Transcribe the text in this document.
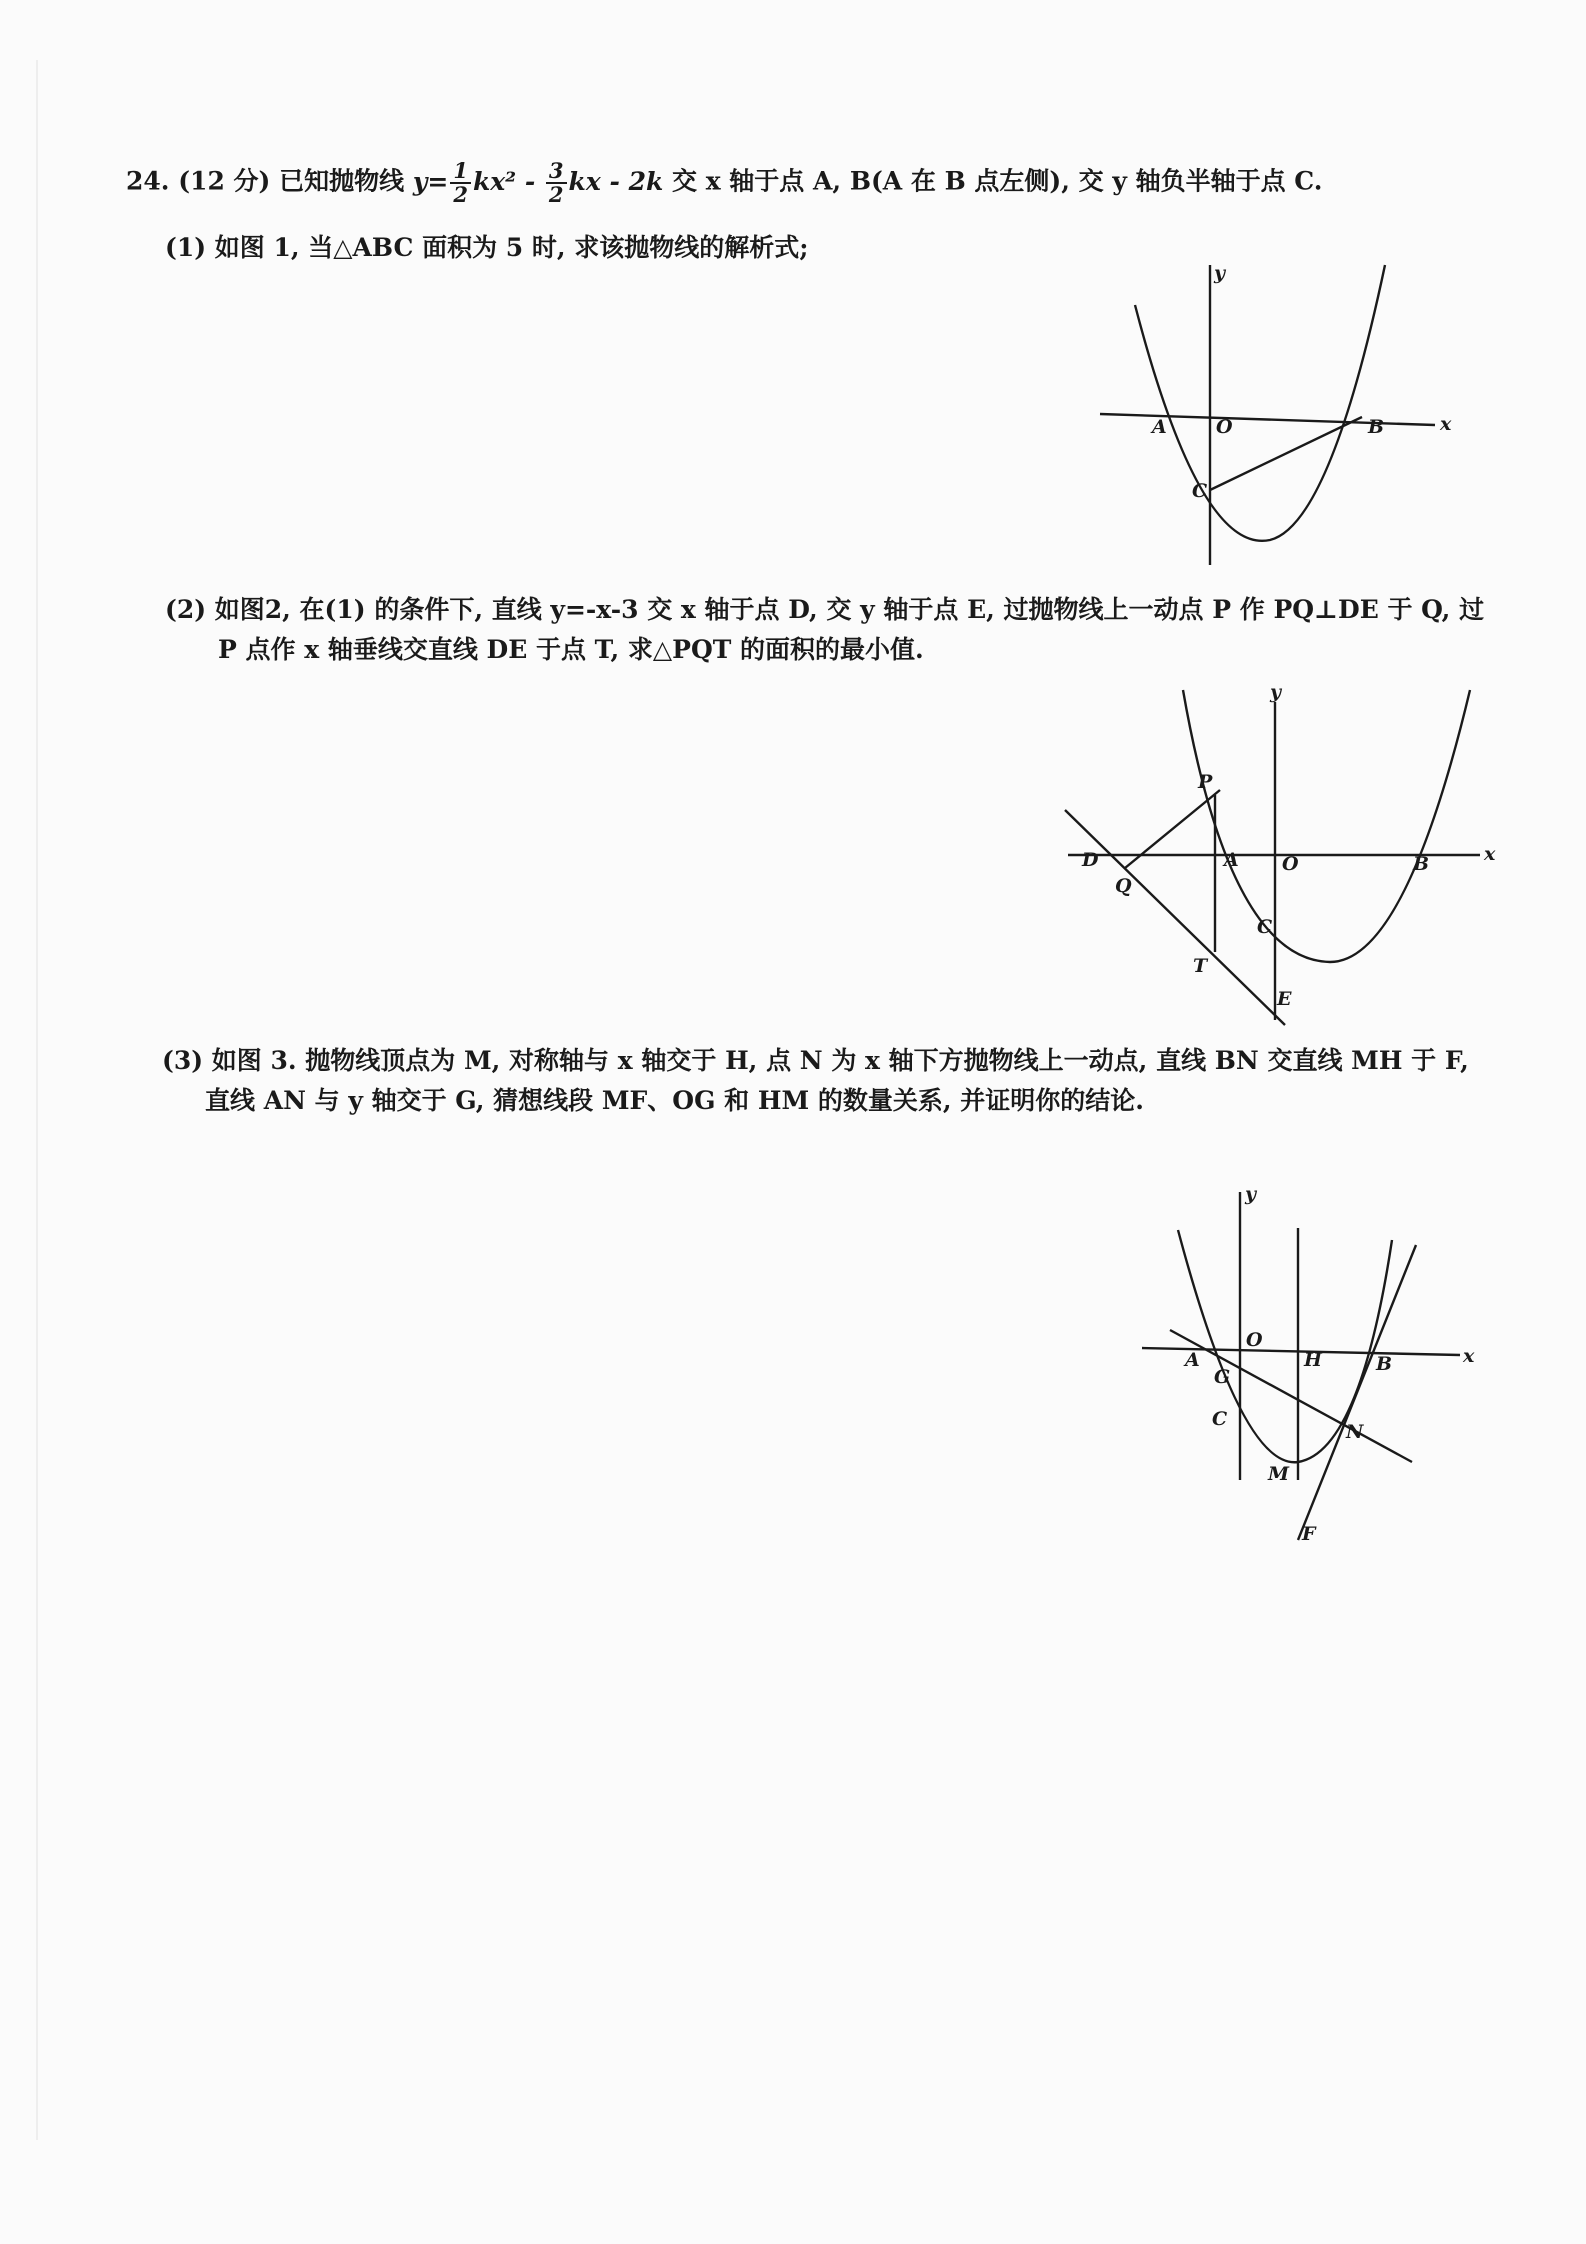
24. (12 分) 已知抛物线 $y= \frac{1}{2} kx^2 - \frac{3}{2}$ kx - 2k 交 x 轴于点 A, B(A 在 B 点左侧), 交 y 轴负半轴于点 C.
(1) 如图 1, 当△ABC 面积为 5 时, 求该抛物线的解析式;
y
x
A	O	B
C
(2) 如图2, 在(1) 的条件下, 直线 y=-x-3 交 x 轴于点 D, 交 y 轴于点 E, 过抛物线上一动点 P 作 PQ⊥DE 于 Q, 过
P 点作 x 轴垂线交直线 DE 于点 T, 求△PQT 的面积的最小值.
y
x
P
D	A O	B
Q
C
T
E
(3) 如图 3. 抛物线顶点为 M, 对称轴与 x 轴交于 H, 点 N 为 x 轴下方抛物线上一动点, 直线 BN 交直线 MH 于 F,
直线 AN 与 y 轴交于 G, 猜想线段 MF、OG 和 HM 的数量关系, 并证明你的结论.
y
x
O
H
A	B
G
C
N
M
F
